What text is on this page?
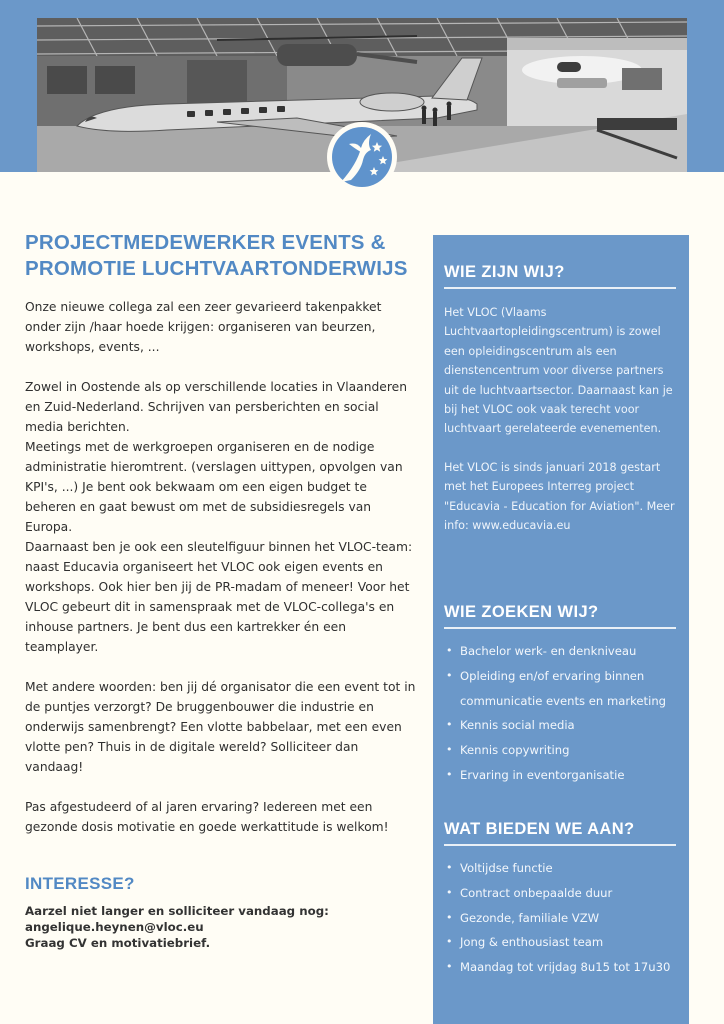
PROJECTMEDEWERKER EVENTS & PROMOTIE LUCHTVAARTONDERWIJS

Onze nieuwe collega zal een zeer gevarieerd takenpakket onder zijn /haar hoede krijgen: organiseren van beurzen, workshops, events, ...

Zowel in Oostende als op verschillende locaties in Vlaanderen en Zuid-Nederland. Schrijven van persberichten en social media berichten.
Meetings met de werkgroepen organiseren en de nodige administratie hieromtrent. (verslagen uittypen, opvolgen van KPI's, ...) Je bent ook bekwaam om een eigen budget te beheren en gaat bewust om met de subsidiesregels van Europa.
Daarnaast ben je ook een sleutelfiguur binnen het VLOC-team: naast Educavia organiseert het VLOC ook eigen events en workshops. Ook hier ben jij de PR-madam of meneer! Voor het VLOC gebeurt dit in samenspraak met de VLOC-collega's en inhouse partners. Je bent dus een kartrekker én een teamplayer.

Met andere woorden: ben jij dé organisator die een event tot in de puntjes verzorgt? De bruggenbouwer die industrie en onderwijs samenbrengt? Een vlotte babbelaar, met een even vlotte pen? Thuis in de digitale wereld? Solliciteer dan vandaag!

Pas afgestudeerd of al jaren ervaring? Iedereen met een gezonde dosis motivatie en goede werkattitude is welkom!

INTERESSE?
Aarzel niet langer en solliciteer vandaag nog:
angelique.heynen@vloc.eu
Graag CV en motivatiebrief.
WIE ZIJN WIJ?

Het VLOC (Vlaams Luchtvaartopleidingscentrum) is zowel een opleidingscentrum als een dienstencentrum voor diverse partners uit de luchtvaartsector. Daarnaast kan je bij het VLOC ook vaak terecht voor luchtvaart gerelateerde evenementen.

Het VLOC is sinds januari 2018 gestart met het Europees Interreg project "Educavia - Education for Aviation". Meer info: www.educavia.eu

WIE ZOEKEN WIJ?
• Bachelor werk- en denkniveau
• Opleiding en/of ervaring binnen communicatie events en marketing
• Kennis social media
• Kennis copywriting
• Ervaring in eventorganisatie
WAT BIEDEN WE AAN?
• Voltijdse functie
• Contract onbepaalde duur
• Gezonde, familiale VZW
• Jong & enthousiast team
• Maandag tot vrijdag 8u15 tot 17u30
